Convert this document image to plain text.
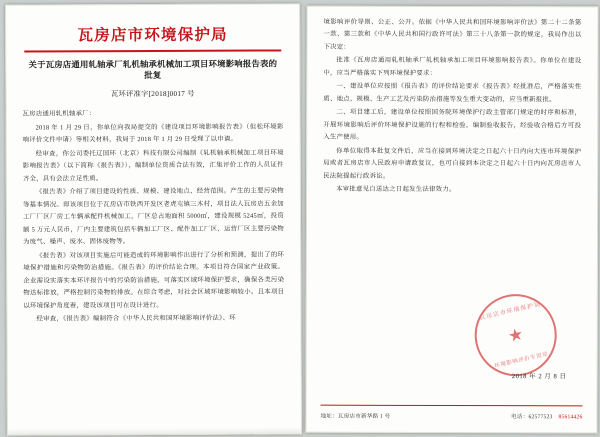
瓦房店市环境保护局
关于瓦房店通用轧轴承厂轧机轴承机械加工项目环境影响报告表的批复
瓦环评准字[2018]0017 号

瓦房店通用轧机轴承厂：

2018 年 1 月 29 日，你单位向我局提交的《建设项目环境影响报告表》（但松环境影响评价文件申请）等相关材料，我局于 2018 年 1 月 29 日受理了以申请。

经审查，你公司委托辽国环（北京）科技有限公司编制《轧机轴承机械加工项目环境影响报告表》（以下简称《报告表》），编制单位资质合法有效，汇集评价工作的人员证件齐全，具有会法立足性质。

《报告表》介绍了项目建设的性质、规模、建设地点、经营范围。产生的主要污染物等基本情况。即该项目位于瓦房店市铁西开发区老虎屯镇三木村，项目法人瓦房店五金加工厂厂区厂房工车辆承配件机械加工，厂区总占地面积 5000㎡，建设规模 5245㎡，投资额 5 万元人民币，厂内主要建筑包括车辆加工厂区、配件加工厂区、运营厂区主要污染物为废气、噪声、废水、固体废物等。

《报告表》对该项目实施后可能造成的环境影响作出进行了分析和预测，提出了的环境保护措施和污染物防治措施。《报告表》的评价结论合理。本项目符合国家产业政策。企业需设实落实本环评报告中的污染防治措施，可落实区域环境保护要求，确保各类污染物达标排放，严格控制污染物的排放。在综合考虑，对社会区域环境影响较小。且本项目以环境保护角度看，建设该项目可在设计进行。

经审查，《报告表》编制符合《中华人民共和国环境影响评价法》、环

境影响评价导则、公正、公开。依据《中华人民共和国环境影响评价法》第二十二条第一款、第三款和《中华人民共和国行政许可法》第三十八条第一款的规定，我局作出以下决定：

批准《瓦房店通用轧机轴承厂轧机轴承加工项目环境影响报告表》。你单位在建设中，应当严格落实下列环境保护要求：

一、建设单位应按照《报告表》的评价结论要求《报告表》经批准后，严格落实性质、地点、规模、生产工艺及污染防治措施等发生重大变动的，应当重新报批。

二、项目建工后，建设单位按照国务院环境保护行政主管部门规定的时序和标准，开展环境影响后评价环境保护设施的行程和检验，编制验收报告，经验收合格后方可投入生产使用。

你单位取得本批复文件后，应当在接到环境决定之日起六十日内向大连市环境保护局或者瓦房店市人民政府申请政复议，也可自接到本决定之日起六十日内向瓦房店市人民法院提起行政诉讼。

本审批意见自送达之日起发生法律效力。

瓦房店市环境保护局
★
环境影响评价专用章
2018 年 2 月 8 日
地址：瓦房店市新华路 1 号	电话：62577523 85614426
